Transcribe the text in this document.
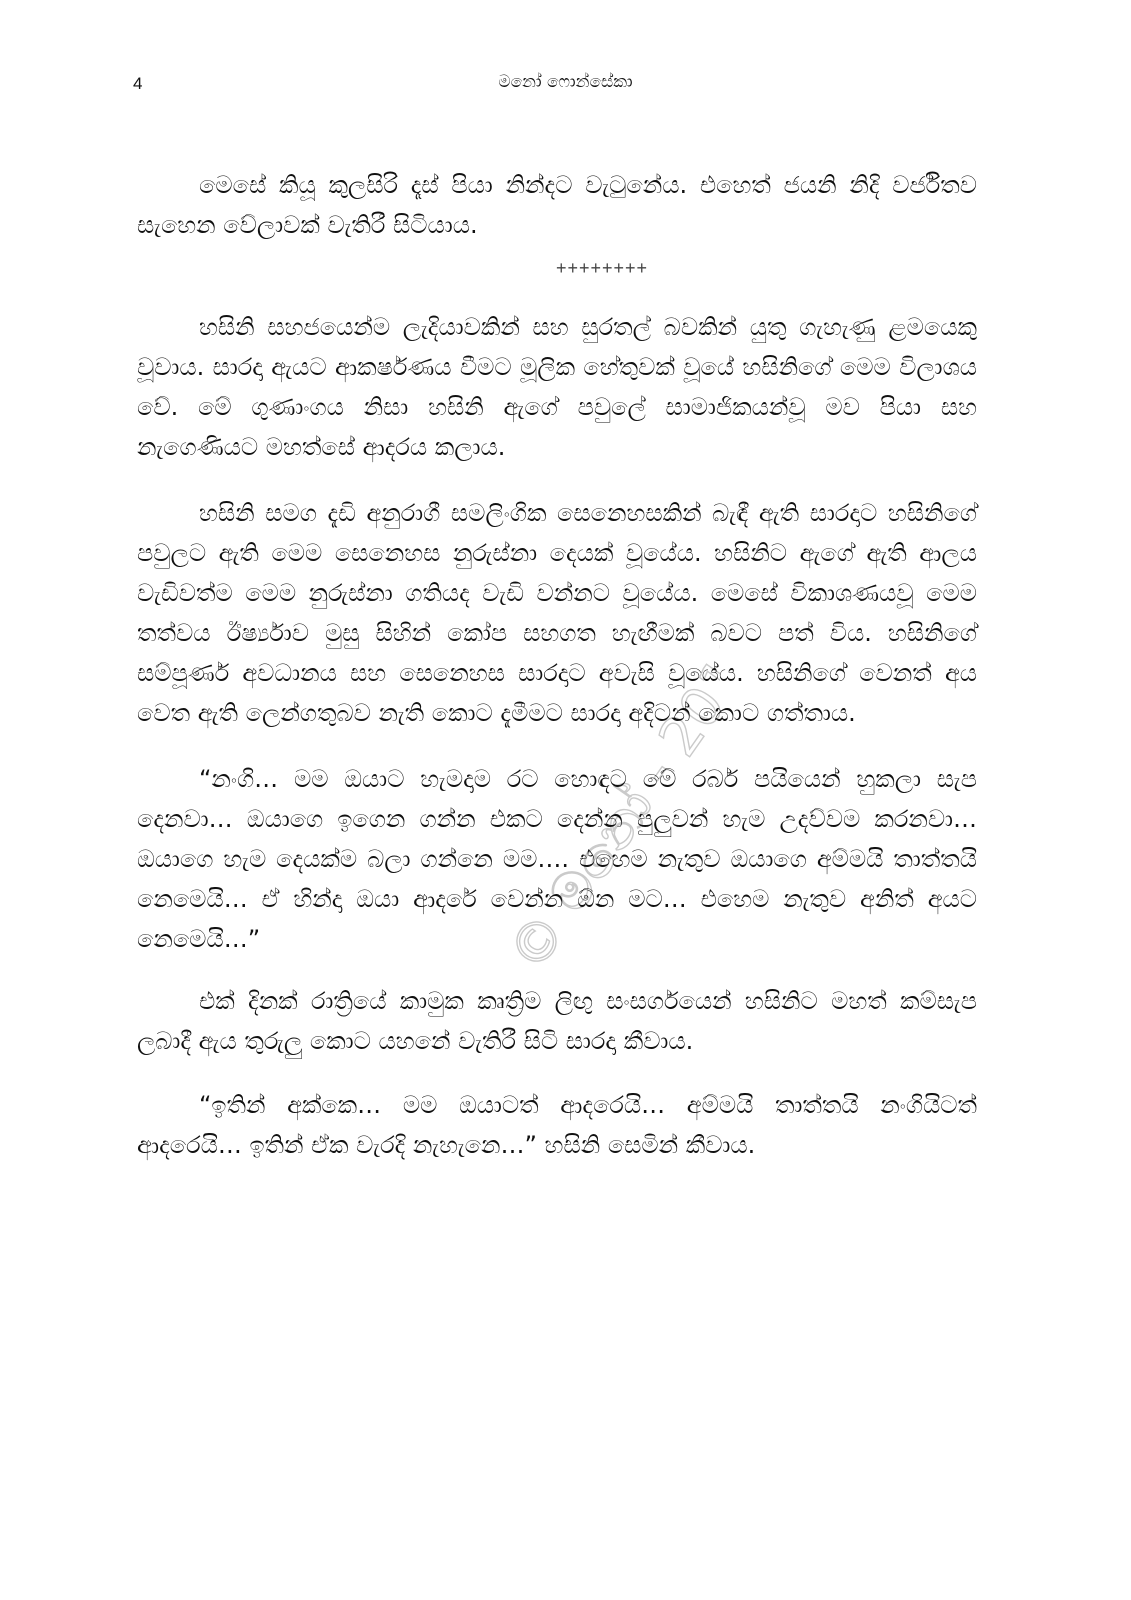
4	මනෝ ෆොන්සේකා
© මනෝ - 2018

මෙසේ කියූ කුලසිරි දෑස් පියා නින්දට වැටුනේය. එහෙත් ජයනි නිදි වර්ජිතව සැහෙන වේලාවක් වැතිරී සිටියාය.

++++++++

හසිනි සහජයෙන්ම ලැදියාවකින් සහ සුරතල් බවකින් යුතු ගැහැණු ළමයෙකු වූවාය. සාරදා ඇයට ආකර්ෂණය වීමට මූලික හේතුවක් වූයේ හසිනිගේ මෙම විලාශය වේ. මේ ගුණාංගය නිසා හසිනි ඇගේ පවුලේ සාමාජිකයන්වූ මව පියා සහ නැගෙණියට මහත්සේ ආදරය කලාය.

හසිනි සමග දැඩි අනුරාගී සමලිංගික සෙනෙහසකින් බැඳී ඇති සාරදාට හසිනිගේ පවුලට ඇති මෙම සෙනෙහස නුරුස්නා දෙයක් වූයේය. හසිනිට ඇගේ ඇති ආලය වැඩිවත්ම මෙම නුරුස්නා ගතියද වැඩි වන්නට වූයේය. මෙසේ විකාශණයවූ මෙම තත්වය ඊර්ෂ්‍යාව මුසු සිහින් කෝප සහගත හැඟීමක් බවට පත් විය. හසිනිගේ සම්පූර්ණ අවධානය සහ සෙනෙහස සාරදාට අවැසි වූයේය. හසිනිගේ වෙනත් අය වෙත ඇති ලෙන්ගතුබව නැති කොට දැමීමට සාරදා අදිටන් කොට ගත්තාය.

“නංගි… මම ඔයාට හැමදාම රට හොඳට මේ රබර් පයියෙන් හුකලා සැප දෙනවා… ඔයාගෙ ඉගෙන ගන්න එකට දෙන්න පුලුවන් හැම උදව්වම කරනවා… ඔයාගෙ හැම දෙයක්ම බලා ගන්නෙ මම…. එහෙම නැතුව ඔයාගෙ අම්මයි තාත්තයි නෙමෙයි… ඒ හින්දා ඔයා ආදරේ වෙන්න ඕන මට… එහෙම නැතුව අනිත් අයට නෙමෙයි…”

එක් දිනක් රාත්‍රියේ කාමුක කෘත්‍රිම ලිඟු සංසර්ගයෙන් හසිනිට මහත් කම්සැප ලබාදී ඇය තුරුලු කොට යහනේ වැතිරී සිටි සාරදා කීවාය.

“ඉතින් අක්කෙ… මම ඔයාටත් ආදරෙයි… අම්මයි තාත්තයි නංගියිටත් ආදරෙයි… ඉතින් ඒක වැරදි නැහැනෙ…” හසිනි සෙමින් කීවාය.
